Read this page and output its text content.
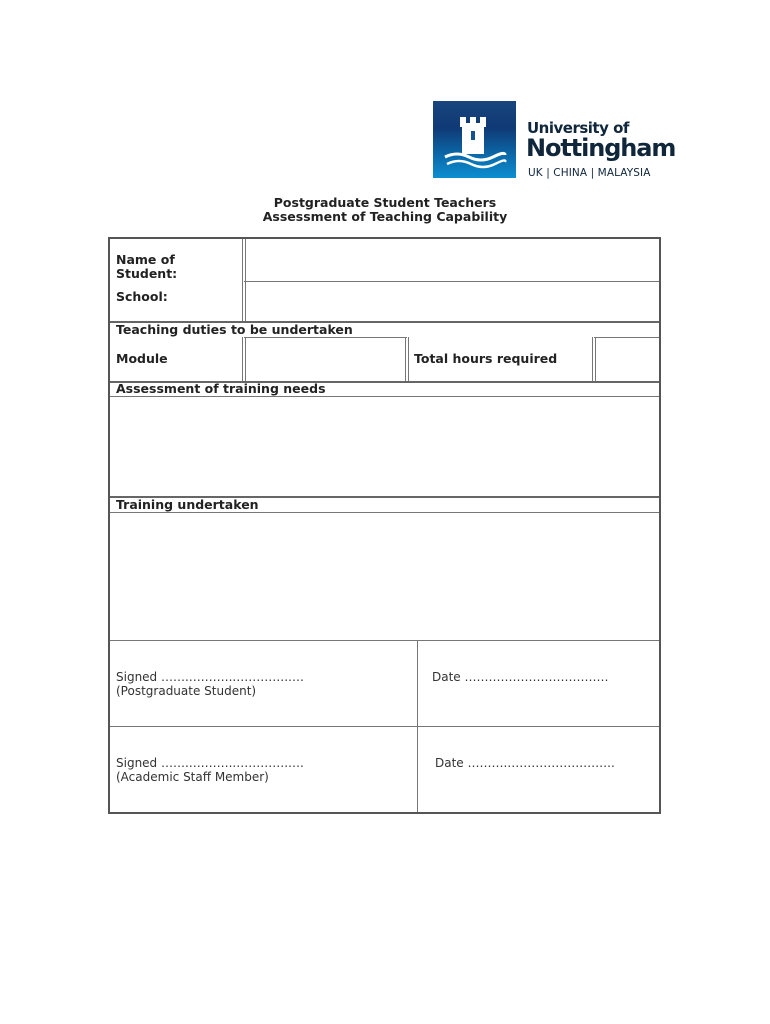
University of
Nottingham
UK | CHINA | MALAYSIA
Postgraduate Student Teachers
Assessment of Teaching Capability
Name of Student:
School:
Teaching duties to be undertaken
Module	Total hours required
Assessment of training needs
Training undertaken
Signed …….….……..………….….
(Postgraduate Student)
Date ………………………………
Signed …….….……..………….….
(Academic Staff Member)
Date ……….……………….……..
